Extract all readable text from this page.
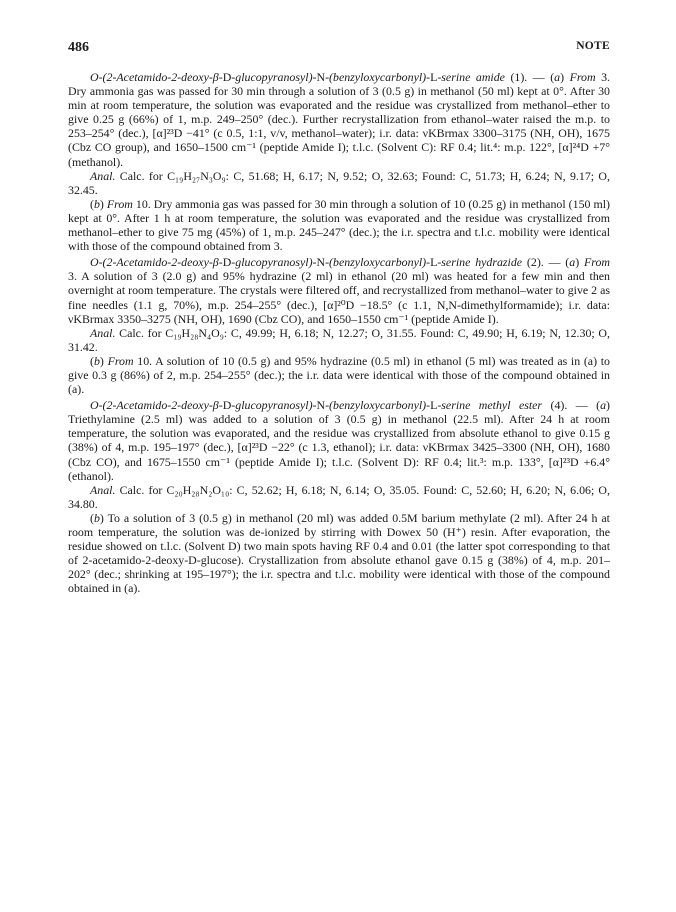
486	NOTE

O-(2-Acetamido-2-deoxy-β-D-glucopyranosyl)-N-(benzyloxycarbonyl)-L-serine amide (1). — (a) From 3. Dry ammonia gas was passed for 30 min through a solution of 3 (0.5 g) in methanol (50 ml) kept at 0°. After 30 min at room temperature, the solution was evaporated and the residue was crystallized from methanol–ether to give 0.25 g (66%) of 1, m.p. 249–250° (dec.). Further recrystallization from ethanol–water raised the m.p. to 253–254° (dec.), [α]²³D −41° (c 0.5, 1:1, v/v, methanol–water); i.r. data: νKBrmax 3300–3175 (NH, OH), 1675 (Cbz CO group), and 1650–1500 cm⁻¹ (peptide Amide I); t.l.c. (Solvent C): RF 0.4; lit.⁴: m.p. 122°, [α]²⁴D +7° (methanol).

Anal. Calc. for C₁₉H₂₇N₃O₉: C, 51.68; H, 6.17; N, 9.52; O, 32.63; Found: C, 51.73; H, 6.24; N, 9.17; O, 32.45.

(b) From 10. Dry ammonia gas was passed for 30 min through a solution of 10 (0.25 g) in methanol (150 ml) kept at 0°. After 1 h at room temperature, the solution was evaporated and the residue was crystallized from methanol–ether to give 75 mg (45%) of 1, m.p. 245–247° (dec.); the i.r. spectra and t.l.c. mobility were identical with those of the compound obtained from 3.

O-(2-Acetamido-2-deoxy-β-D-glucopyranosyl)-N-(benzyloxycarbonyl)-L-serine hydrazide (2). — (a) From 3. A solution of 3 (2.0 g) and 95% hydrazine (2 ml) in ethanol (20 ml) was heated for a few min and then overnight at room temperature. The crystals were filtered off, and recrystallized from methanol–water to give 2 as fine needles (1.1 g, 70%), m.p. 254–255° (dec.), [α]²⁰D −18.5° (c 1.1, N,N-dimethylformamide); i.r. data: νKBrmax 3350–3275 (NH, OH), 1690 (Cbz CO), and 1650–1550 cm⁻¹ (peptide Amide I).

Anal. Calc. for C₁₉H₂₈N₄O₉: C, 49.99; H, 6.18; N, 12.27; O, 31.55. Found: C, 49.90; H, 6.19; N, 12.30; O, 31.42.

(b) From 10. A solution of 10 (0.5 g) and 95% hydrazine (0.5 ml) in ethanol (5 ml) was treated as in (a) to give 0.3 g (86%) of 2, m.p. 254–255° (dec.); the i.r. data were identical with those of the compound obtained in (a).

O-(2-Acetamido-2-deoxy-β-D-glucopyranosyl)-N-(benzyloxycarbonyl)-L-serine methyl ester (4). — (a) Triethylamine (2.5 ml) was added to a solution of 3 (0.5 g) in methanol (22.5 ml). After 24 h at room temperature, the solution was evaporated, and the residue was crystallized from absolute ethanol to give 0.15 g (38%) of 4, m.p. 195–197° (dec.), [α]²³D −22° (c 1.3, ethanol); i.r. data: νKBrmax 3425–3300 (NH, OH), 1680 (Cbz CO), and 1675–1550 cm⁻¹ (peptide Amide I); t.l.c. (Solvent D): RF 0.4; lit.³: m.p. 133°, [α]²³D +6.4° (ethanol).

Anal. Calc. for C₂₀H₂₈N₂O₁₀: C, 52.62; H, 6.18; N, 6.14; O, 35.05. Found: C, 52.60; H, 6.20; N, 6.06; O, 34.80.

(b) To a solution of 3 (0.5 g) in methanol (20 ml) was added 0.5M barium methylate (2 ml). After 24 h at room temperature, the solution was de-ionized by stirring with Dowex 50 (H⁺) resin. After evaporation, the residue showed on t.l.c. (Solvent D) two main spots having RF 0.4 and 0.01 (the latter spot corresponding to that of 2-acetamido-2-deoxy-D-glucose). Crystallization from absolute ethanol gave 0.15 g (38%) of 4, m.p. 201–202° (dec.; shrinking at 195–197°); the i.r. spectra and t.l.c. mobility were identical with those of the compound obtained in (a).
